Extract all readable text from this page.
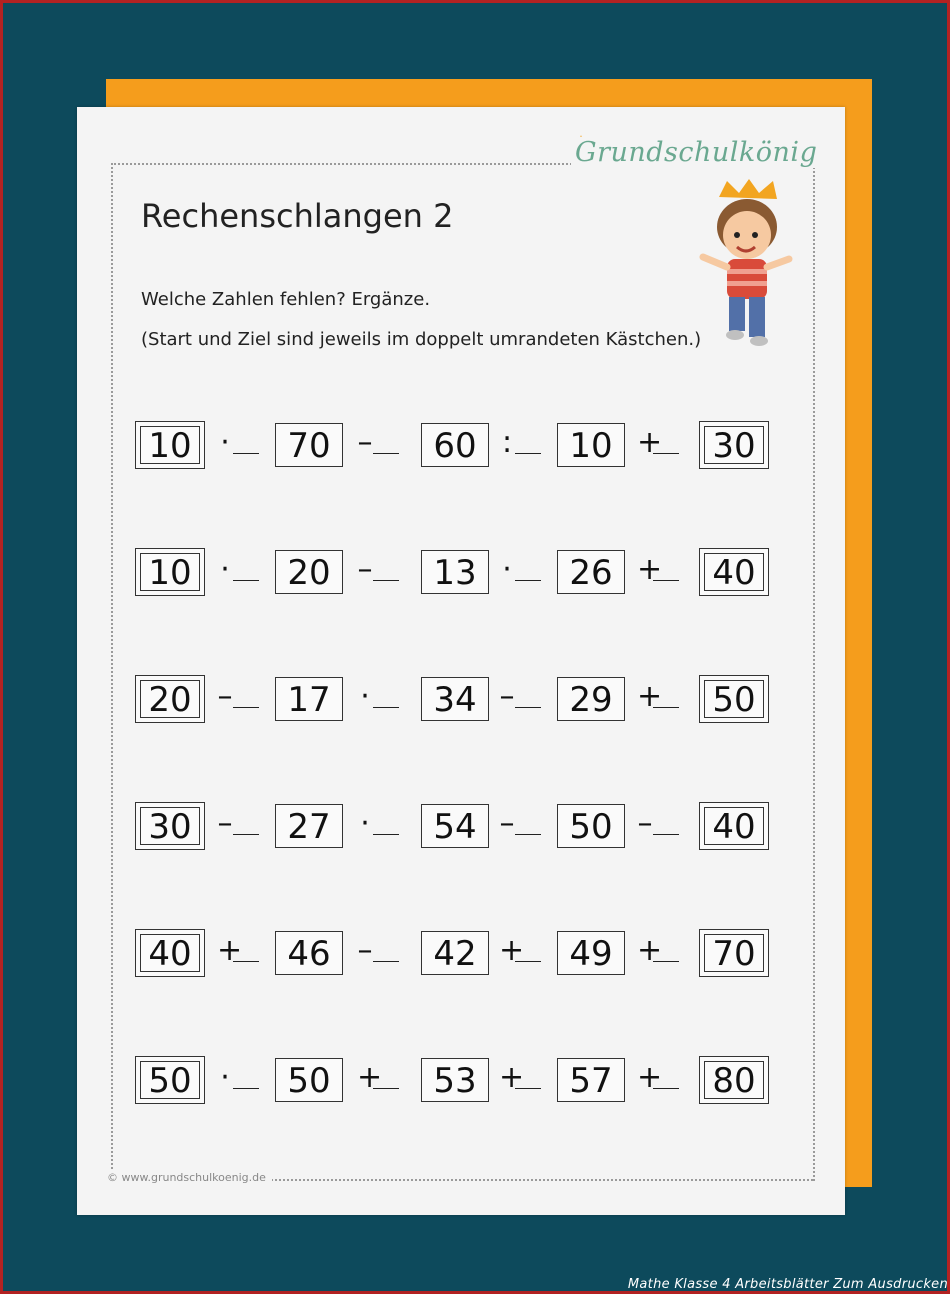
Grundschulkönig
Rechenschlangen 2
Welche Zahlen fehlen? Ergänze.
(Start und Ziel sind jeweils im doppelt umrandeten Kästchen.)
10 ·	70 –	60 :	10 +	30
10 ·	20 –	13 ·	26 +	40
20 –	17 ·	34 –	29 +	50
30 –	27 ·	54 –	50 –	40
40 +	46 –	42 +	49 +	70
50 ·	50 +	53 +	57 +	80
© www.grundschulkoenig.de
Mathe Klasse 4 Arbeitsblätter Zum Ausdrucken
